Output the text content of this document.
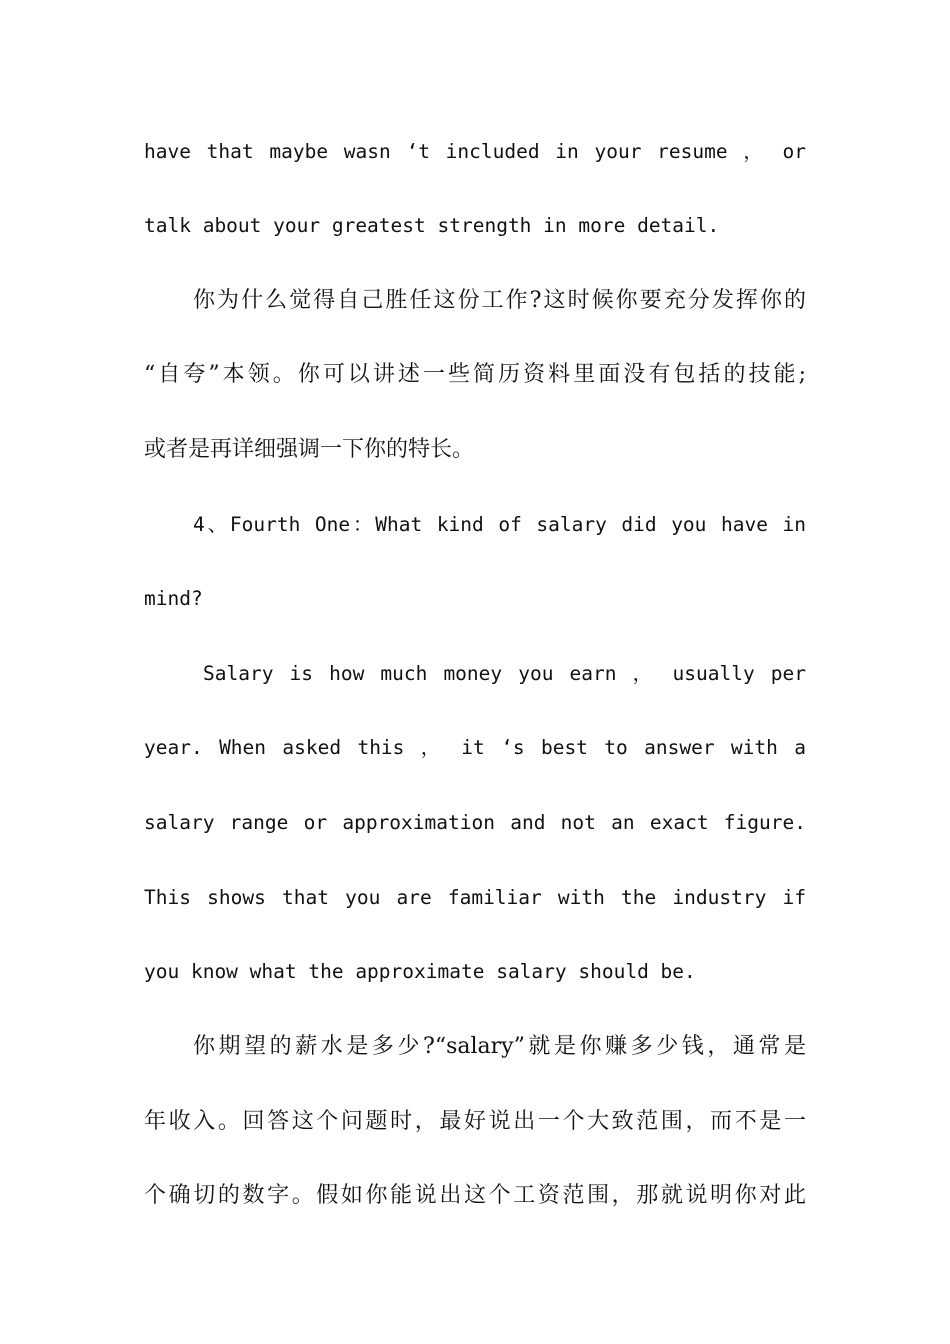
have that maybe wasn ‘t included in your resume ， or
talk about your greatest strength in more detail.
你为什么觉得自己胜任这份工作?这时候你要充分发挥你的
“自夸”本领。你可以讲述一些简历资料里面没有包括的技能;
或者是再详细强调一下你的特长。
4、Fourth One：What kind of salary did you have in
mind?
Salary is how much money you earn ， usually per
year. When asked this ， it ‘s best to answer with a
salary range or approximation and not an exact figure.
This shows that you are familiar with the industry if
you know what the approximate salary should be.
你期望的薪水是多少?“salary”就是你赚多少钱，通常是
年收入。回答这个问题时，最好说出一个大致范围，而不是一
个确切的数字。假如你能说出这个工资范围，那就说明你对此
